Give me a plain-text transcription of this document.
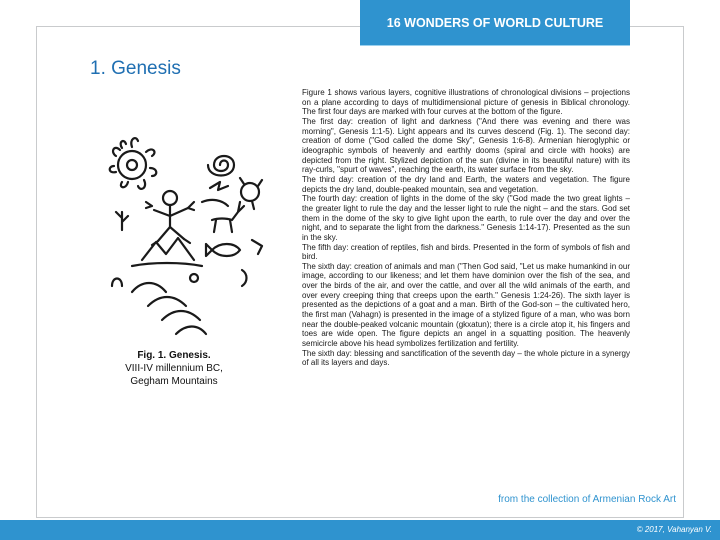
16 WONDERS OF WORLD CULTURE
1. Genesis
Fig. 1. Genesis.
VIII-IV millennium BC,
Gegham Mountains

Figure 1 shows various layers, cognitive illustrations of chronological divisions – projections on a plane according to days of multidimensional picture of genesis in Biblical chronology. The first four days are marked with four curves at the bottom of the figure.

The first day: creation of light and darkness ("And there was evening and there was morning", Genesis 1:1-5). Light appears and its curves descend (Fig. 1). The second day: creation of dome ("God called the dome Sky", Genesis 1:6-8). Armenian hieroglyphic or ideographic symbols of heavenly and earthly dooms (spiral and circle with hooks) are depicted from the right. Stylized depiction of the sun (divine in its beautiful nature) with its ray-curls, "spurt of waves", reaching the earth, its water surface from the sky.

The third day: creation of the dry land and Earth, the waters and vegetation. The figure depicts the dry land, double-peaked mountain, sea and vegetation.

The fourth day: creation of lights in the dome of the sky ("God made the two great lights – the greater light to rule the day and the lesser light to rule the night – and the stars. God set them in the dome of the sky to give light upon the earth, to rule over the day and over the night, and to separate the light from the darkness." Genesis 1:14-17). Presented as the sun in the sky.

The fifth day: creation of reptiles, fish and birds. Presented in the form of symbols of fish and bird.

The sixth day: creation of animals and man ("Then God said, "Let us make humankind in our image, according to our likeness; and let them have dominion over the fish of the sea, and over the birds of the air, and over the cattle, and over all the wild animals of the earth, and over every creeping thing that creeps upon the earth." Genesis 1:24-26). The sixth layer is presented as the depictions of a goat and a man. Birth of the God-son – the cultivated hero, the first man (Vahagn) is presented in the image of a stylized figure of a man, who was born near the double-peaked volcanic mountain (gkxatun); there is a circle atop it, his fingers and toes are wide open. The figure depicts an angel in a squatting position. The heavenly semicircle above his head symbolizes fertilization and fertility.

The sixth day: blessing and sanctification of the seventh day – the whole picture in a synergy of all its layers and days.

from the collection of Armenian Rock Art
© 2017, Vahanyan V.
